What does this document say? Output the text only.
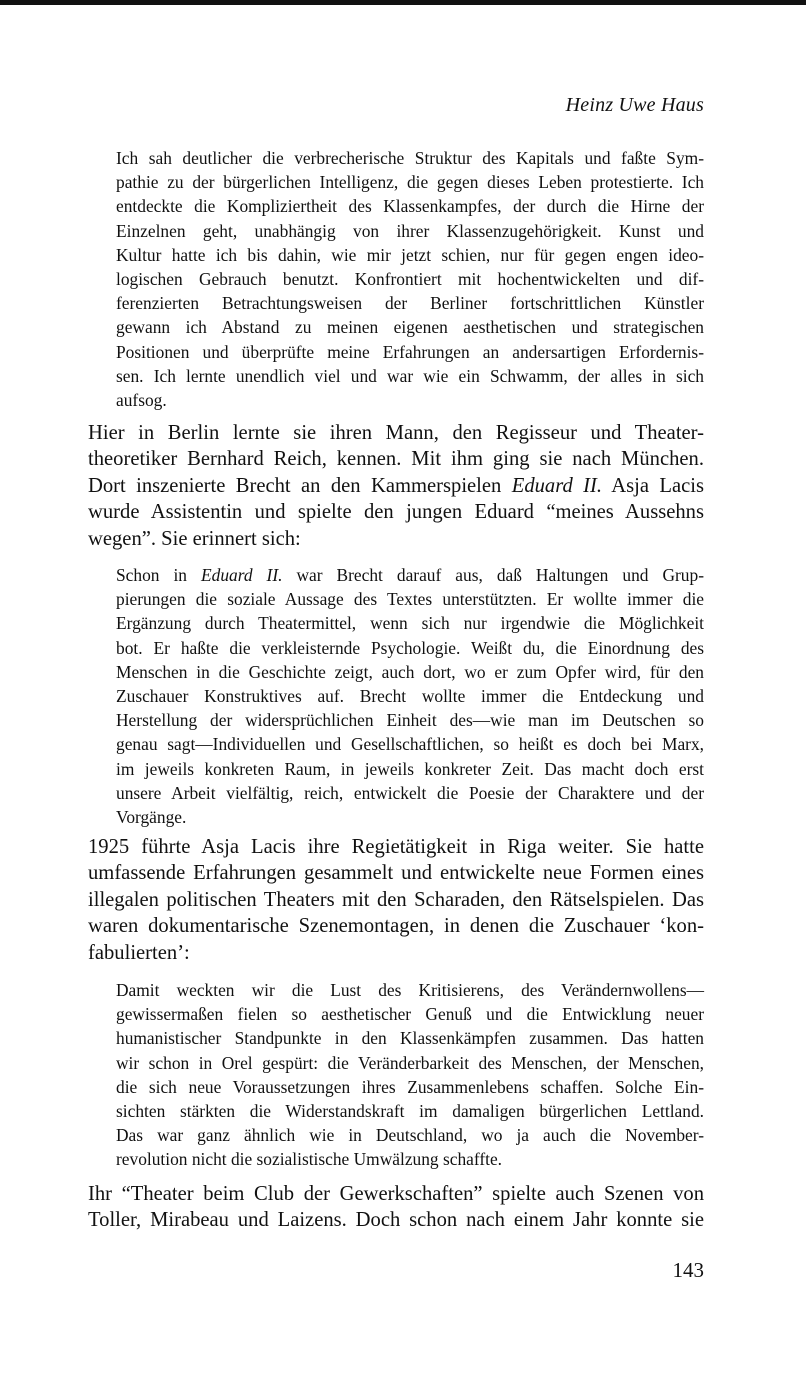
Heinz Uwe Haus
Ich sah deutlicher die verbrecherische Struktur des Kapitals und faßte Sym-
pathie zu der bürgerlichen Intelligenz, die gegen dieses Leben protestierte. Ich
entdeckte die Kompliziertheit des Klassenkampfes, der durch die Hirne der
Einzelnen geht, unabhängig von ihrer Klassenzugehörigkeit. Kunst und
Kultur hatte ich bis dahin, wie mir jetzt schien, nur für gegen engen ideo-
logischen Gebrauch benutzt. Konfrontiert mit hochentwickelten und dif-
ferenzierten Betrachtungsweisen der Berliner fortschrittlichen Künstler
gewann ich Abstand zu meinen eigenen aesthetischen und strategischen
Positionen und überprüfte meine Erfahrungen an andersartigen Erfordernis-
sen. Ich lernte unendlich viel und war wie ein Schwamm, der alles in sich
aufsog.
Hier in Berlin lernte sie ihren Mann, den Regisseur und Theater-
theoretiker Bernhard Reich, kennen. Mit ihm ging sie nach München.
Dort inszenierte Brecht an den Kammerspielen Eduard II. Asja Lacis
wurde Assistentin und spielte den jungen Eduard “meines Aussehns
wegen”. Sie erinnert sich:
Schon in Eduard II. war Brecht darauf aus, daß Haltungen und Grup-
pierungen die soziale Aussage des Textes unterstützten. Er wollte immer die
Ergänzung durch Theatermittel, wenn sich nur irgendwie die Möglichkeit
bot. Er haßte die verkleisternde Psychologie. Weißt du, die Einordnung des
Menschen in die Geschichte zeigt, auch dort, wo er zum Opfer wird, für den
Zuschauer Konstruktives auf. Brecht wollte immer die Entdeckung und
Herstellung der widersprüchlichen Einheit des—wie man im Deutschen so
genau sagt—Individuellen und Gesellschaftlichen, so heißt es doch bei Marx,
im jeweils konkreten Raum, in jeweils konkreter Zeit. Das macht doch erst
unsere Arbeit vielfältig, reich, entwickelt die Poesie der Charaktere und der
Vorgänge.
1925 führte Asja Lacis ihre Regietätigkeit in Riga weiter. Sie hatte
umfassende Erfahrungen gesammelt und entwickelte neue Formen eines
illegalen politischen Theaters mit den Scharaden, den Rätselspielen. Das
waren dokumentarische Szenemontagen, in denen die Zuschauer ‘kon-
fabulierten’:
Damit weckten wir die Lust des Kritisierens, des Verändernwollens—
gewissermaßen fielen so aesthetischer Genuß und die Entwicklung neuer
humanistischer Standpunkte in den Klassenkämpfen zusammen. Das hatten
wir schon in Orel gespürt: die Veränderbarkeit des Menschen, der Menschen,
die sich neue Voraussetzungen ihres Zusammenlebens schaffen. Solche Ein-
sichten stärkten die Widerstandskraft im damaligen bürgerlichen Lettland.
Das war ganz ähnlich wie in Deutschland, wo ja auch die November-
revolution nicht die sozialistische Umwälzung schaffte.
Ihr “Theater beim Club der Gewerkschaften” spielte auch Szenen von
Toller, Mirabeau und Laizens. Doch schon nach einem Jahr konnte sie
143
